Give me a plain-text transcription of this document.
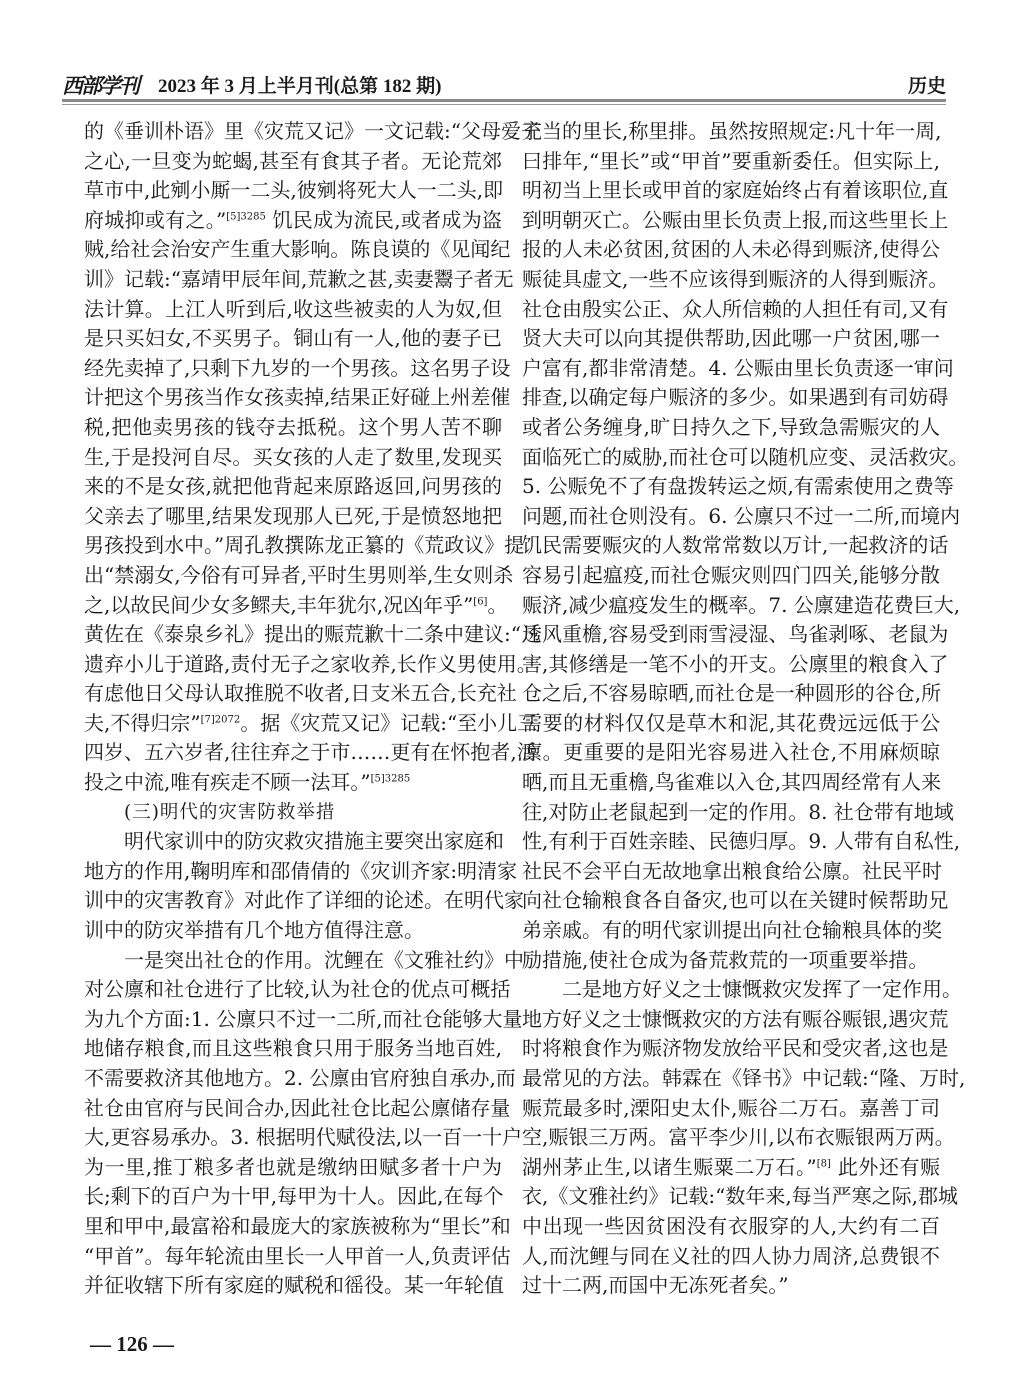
西部学刊 2023 年 3 月上半月刊(总第 182 期)	历史
的《垂训朴语》里《灾荒又记》一文记载:“父母爱子
之心,一旦变为蛇蝎,甚至有食其子者。无论荒郊
草市中,此剜小厮一二头,彼剜将死大人一二头,即
府城抑或有之。”$^{[5]3285}$ 饥民成为流民,或者成为盗
贼,给社会治安产生重大影响。陈良谟的《见闻纪
训》记载:“嘉靖甲辰年间,荒歉之甚,卖妻鬻子者无
法计算。上江人听到后,收这些被卖的人为奴,但
是只买妇女,不买男子。铜山有一人,他的妻子已
经先卖掉了,只剩下九岁的一个男孩。这名男子设
计把这个男孩当作女孩卖掉,结果正好碰上州差催
税,把他卖男孩的钱夺去抵税。这个男人苦不聊
生,于是投河自尽。买女孩的人走了数里,发现买
来的不是女孩,就把他背起来原路返回,问男孩的
父亲去了哪里,结果发现那人已死,于是愤怒地把
男孩投到水中。”周孔教撰陈龙正纂的《荒政议》提
出“禁溺女,今俗有可异者,平时生男则举,生女则杀
之,以故民间少女多鳏夫,丰年犹尔,况凶年乎”[6]。
黄佐在《泰泉乡礼》提出的赈荒歉十二条中建议:“凡
遗弃小儿于道路,责付无子之家收养,长作义男使用。
有虑他日父母认取推脱不收者,日支米五合,长充社
夫,不得归宗”$^{[7]2072}$。据《灾荒又记》记载:“至小儿三
四岁、五六岁者,往往弃之于市……更有在怀抱者,活
投之中流,唯有疾走不顾一法耳。”$^{[5]3285}$
(三)明代的灾害防救举措
明代家训中的防灾救灾措施主要突出家庭和
地方的作用,鞠明库和邵倩倩的《灾训齐家:明清家
训中的灾害教育》对此作了详细的论述。在明代家
训中的防灾举措有几个地方值得注意。
一是突出社仓的作用。沈鲤在《文雅社约》中
对公廪和社仓进行了比较,认为社仓的优点可概括
为九个方面:1. 公廪只不过一二所,而社仓能够大量
地储存粮食,而且这些粮食只用于服务当地百姓,
不需要救济其他地方。2. 公廪由官府独自承办,而
社仓由官府与民间合办,因此社仓比起公廪储存量
大,更容易承办。3. 根据明代赋役法,以一百一十户
为一里,推丁粮多者也就是缴纳田赋多者十户为
长;剩下的百户为十甲,每甲为十人。因此,在每个
里和甲中,最富裕和最庞大的家族被称为“里长”和
“甲首”。每年轮流由里长一人甲首一人,负责评估
并征收辖下所有家庭的赋税和徭役。某一年轮值
充当的里长,称里排。虽然按照规定:凡十年一周,
曰排年,“里长”或“甲首”要重新委任。但实际上,
明初当上里长或甲首的家庭始终占有着该职位,直
到明朝灭亡。公赈由里长负责上报,而这些里长上
报的人未必贫困,贫困的人未必得到赈济,使得公
赈徒具虚文,一些不应该得到赈济的人得到赈济。
社仓由殷实公正、众人所信赖的人担任有司,又有
贤大夫可以向其提供帮助,因此哪一户贫困,哪一
户富有,都非常清楚。4. 公赈由里长负责逐一审问
排查,以确定每户赈济的多少。如果遇到有司妨碍
或者公务缠身,旷日持久之下,导致急需赈灾的人
面临死亡的威胁,而社仓可以随机应变、灵活救灾。
5. 公赈免不了有盘拨转运之烦,有需索使用之费等
问题,而社仓则没有。6. 公廪只不过一二所,而境内
饥民需要赈灾的人数常常数以万计,一起救济的话
容易引起瘟疫,而社仓赈灾则四门四关,能够分散
赈济,减少瘟疫发生的概率。7. 公廪建造花费巨大,
透风重檐,容易受到雨雪浸湿、鸟雀剥啄、老鼠为
害,其修缮是一笔不小的开支。公廪里的粮食入了
仓之后,不容易晾晒,而社仓是一种圆形的谷仓,所
需要的材料仅仅是草木和泥,其花费远远低于公
廪。更重要的是阳光容易进入社仓,不用麻烦晾
晒,而且无重檐,鸟雀难以入仓,其四周经常有人来
往,对防止老鼠起到一定的作用。8. 社仓带有地域
性,有利于百姓亲睦、民德归厚。9. 人带有自私性,
社民不会平白无故地拿出粮食给公廪。社民平时
向社仓输粮食各自备灾,也可以在关键时候帮助兄
弟亲戚。有的明代家训提出向社仓输粮具体的奖
励措施,使社仓成为备荒救荒的一项重要举措。
二是地方好义之士慷慨救灾发挥了一定作用。
地方好义之士慷慨救灾的方法有赈谷赈银,遇灾荒
时将粮食作为赈济物发放给平民和受灾者,这也是
最常见的方法。韩霖在《铎书》中记载:“隆、万时,
赈荒最多时,溧阳史太仆,赈谷二万石。嘉善丁司
空,赈银三万两。富平李少川,以布衣赈银两万两。
湖州茅止生,以诸生赈粟二万石。”[8] 此外还有赈
衣,《文雅社约》记载:“数年来,每当严寒之际,郡城
中出现一些因贫困没有衣服穿的人,大约有二百
人,而沈鲤与同在义社的四人协力周济,总费银不
过十二两,而国中无冻死者矣。”
— 126 —
